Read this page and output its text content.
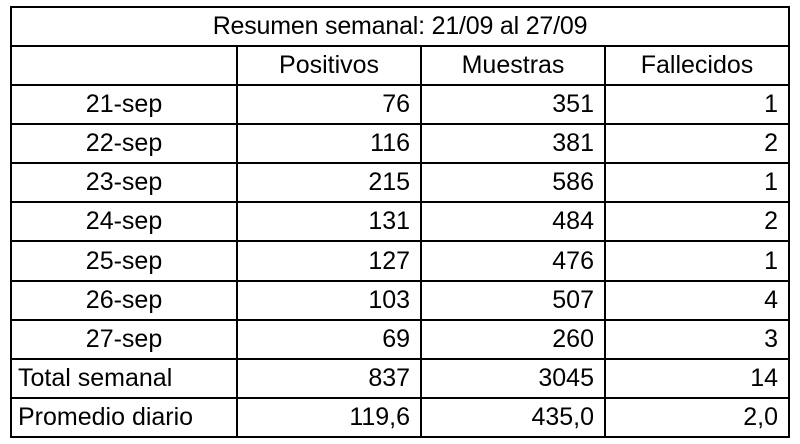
Resumen semanal: 21/09 al 27/09			
	Positivos	Muestras	Fallecidos
21-sep	76	351	1
22-sep	116	381	2
23-sep	215	586	1
24-sep	131	484	2
25-sep	127	476	1
26-sep	103	507	4
27-sep	69	260	3
Total semanal	837	3045	14
Promedio diario	119,6	435,0	2,0
